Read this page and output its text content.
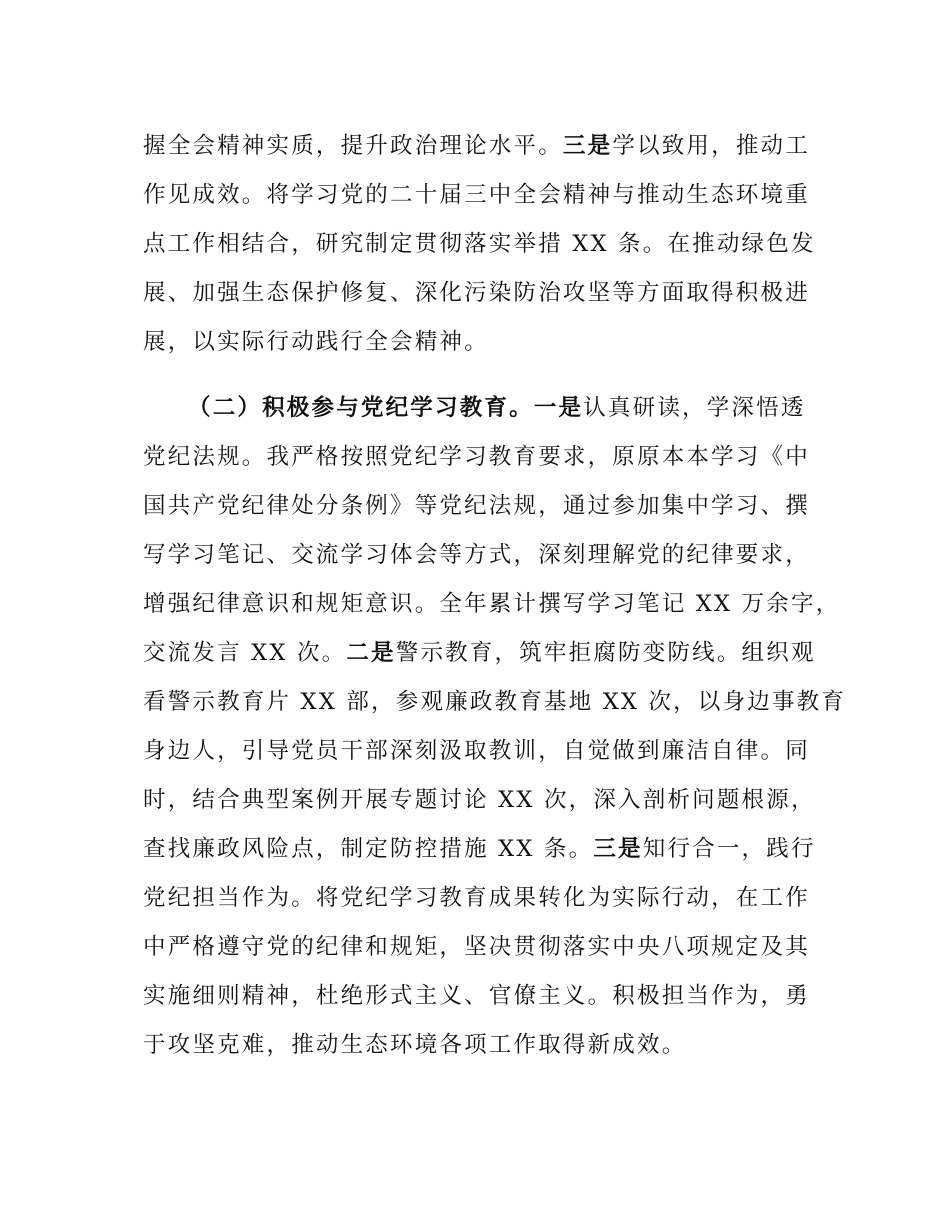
握全会精神实质，提升政治理论水平。三是学以致用，推动工
作见成效。将学习党的二十届三中全会精神与推动生态环境重
点工作相结合，研究制定贯彻落实举措 XX 条。在推动绿色发
展、加强生态保护修复、深化污染防治攻坚等方面取得积极进
展，以实际行动践行全会精神。
（二）积极参与党纪学习教育。一是认真研读，学深悟透
党纪法规。我严格按照党纪学习教育要求，原原本本学习《中
国共产党纪律处分条例》等党纪法规，通过参加集中学习、撰
写学习笔记、交流学习体会等方式，深刻理解党的纪律要求，
增强纪律意识和规矩意识。全年累计撰写学习笔记 XX 万余字，
交流发言 XX 次。二是警示教育，筑牢拒腐防变防线。组织观
看警示教育片 XX 部，参观廉政教育基地 XX 次，以身边事教育
身边人，引导党员干部深刻汲取教训，自觉做到廉洁自律。同
时，结合典型案例开展专题讨论 XX 次，深入剖析问题根源，
查找廉政风险点，制定防控措施 XX 条。三是知行合一，践行
党纪担当作为。将党纪学习教育成果转化为实际行动，在工作
中严格遵守党的纪律和规矩，坚决贯彻落实中央八项规定及其
实施细则精神，杜绝形式主义、官僚主义。积极担当作为，勇
于攻坚克难，推动生态环境各项工作取得新成效。
